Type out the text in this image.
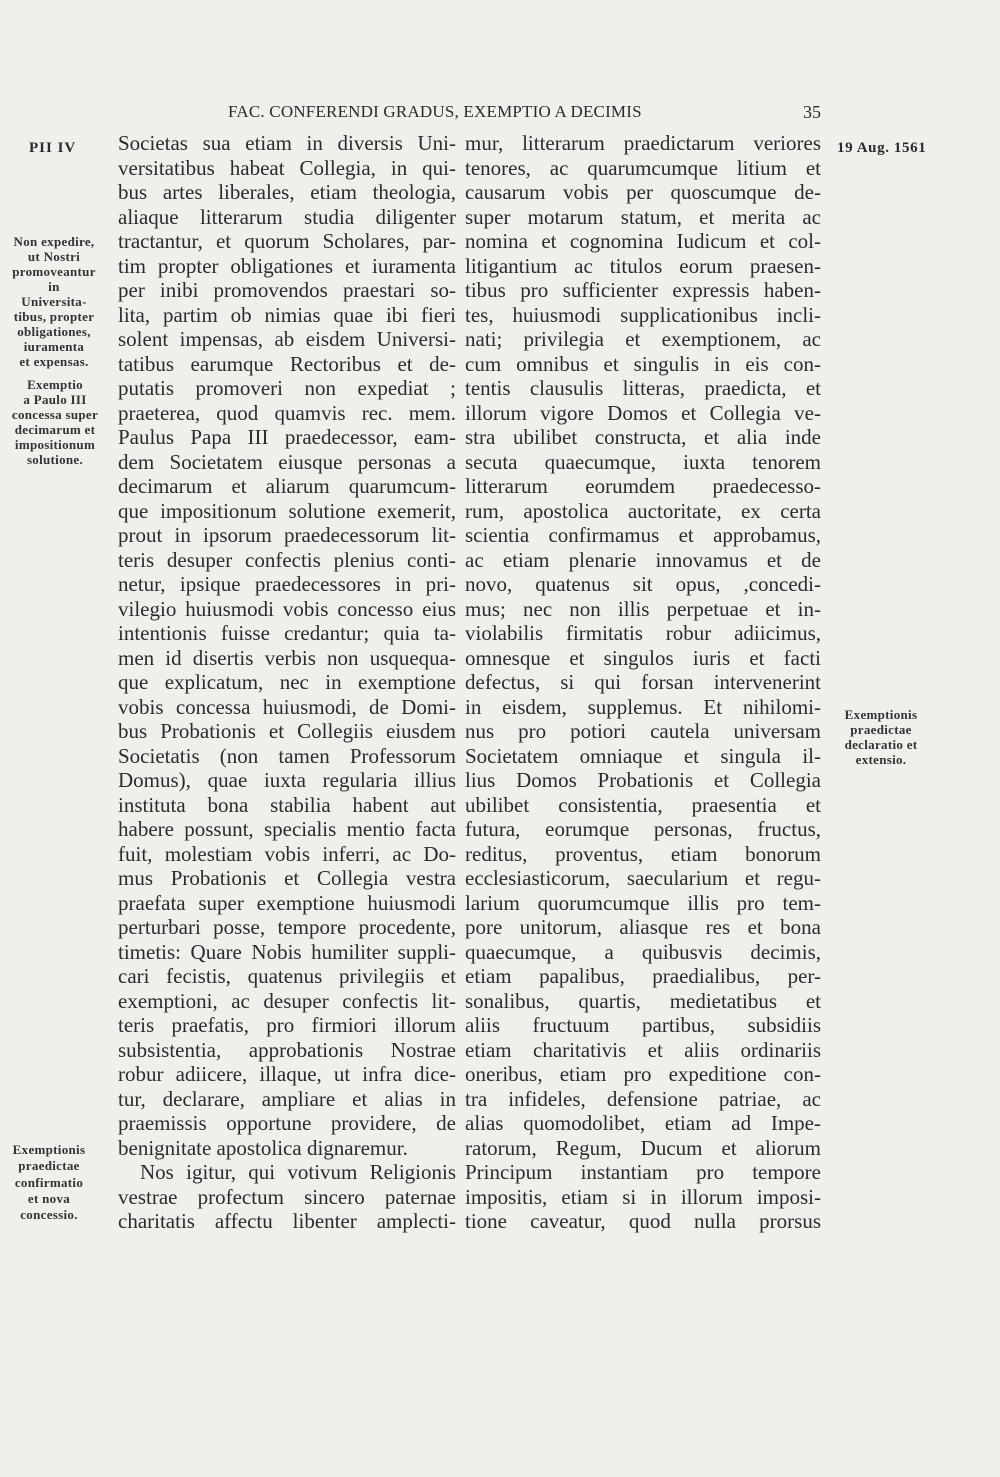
FAC. CONFERENDI GRADUS, EXEMPTIO A DECIMIS	35
PII IV	19 Aug. 1561
Non expedire,
ut Nostri
promoveantur
in
Universita-
tibus, propter
obligationes,
iuramenta
et expensas.
Exemptio
a Paulo III
concessa super
decimarum et
impositionum
solutione.
Exemptionis
praedictae
confirmatio
et nova
concessio.
Exemptionis
praedictae
declaratio et
extensio.
Societas sua etiam in diversis Uni-
versitatibus habeat Collegia, in qui-
bus artes liberales, etiam theologia,
aliaque litterarum studia diligenter
tractantur, et quorum Scholares, par-
tim propter obligationes et iuramenta
per inibi promovendos praestari so-
lita, partim ob nimias quae ibi fieri
solent impensas, ab eisdem Universi-
tatibus earumque Rectoribus et de-
putatis promoveri non expediat ;
praeterea, quod quamvis rec. mem.
Paulus Papa III praedecessor, eam-
dem Societatem eiusque personas a
decimarum et aliarum quarumcum-
que impositionum solutione exemerit,
prout in ipsorum praedecessorum lit-
teris desuper confectis plenius conti-
netur, ipsique praedecessores in pri-
vilegio huiusmodi vobis concesso eius
intentionis fuisse credantur; quia ta-
men id disertis verbis non usquequa-
que explicatum, nec in exemptione
vobis concessa huiusmodi, de Domi-
bus Probationis et Collegiis eiusdem
Societatis (non tamen Professorum
Domus), quae iuxta regularia illius
instituta bona stabilia habent aut
habere possunt, specialis mentio facta
fuit, molestiam vobis inferri, ac Do-
mus Probationis et Collegia vestra
praefata super exemptione huiusmodi
perturbari posse, tempore procedente,
timetis: Quare Nobis humiliter suppli-
cari fecistis, quatenus privilegiis et
exemptioni, ac desuper confectis lit-
teris praefatis, pro firmiori illorum
subsistentia, approbationis Nostrae
robur adiicere, illaque, ut infra dice-
tur, declarare, ampliare et alias in
praemissis opportune providere, de
benignitate apostolica dignaremur.
Nos igitur, qui votivum Religionis
vestrae profectum sincero paternae
charitatis affectu libenter amplecti-
mur, litterarum praedictarum veriores
tenores, ac quarumcumque litium et
causarum vobis per quoscumque de-
super motarum statum, et merita ac
nomina et cognomina Iudicum et col-
litigantium ac titulos eorum praesen-
tibus pro sufficienter expressis haben-
tes, huiusmodi supplicationibus incli-
nati; privilegia et exemptionem, ac
cum omnibus et singulis in eis con-
tentis clausulis litteras, praedicta, et
illorum vigore Domos et Collegia ve-
stra ubilibet constructa, et alia inde
secuta quaecumque, iuxta tenorem
litterarum eorumdem praedecesso-
rum, apostolica auctoritate, ex certa
scientia confirmamus et approbamus,
ac etiam plenarie innovamus et de
novo, quatenus sit opus, ,concedi-
mus; nec non illis perpetuae et in-
violabilis firmitatis robur adiicimus,
omnesque et singulos iuris et facti
defectus, si qui forsan intervenerint
in eisdem, supplemus. Et nihilomi-
nus pro potiori cautela universam
Societatem omniaque et singula il-
lius Domos Probationis et Collegia
ubilibet consistentia, praesentia et
futura, eorumque personas, fructus,
reditus, proventus, etiam bonorum
ecclesiasticorum, saecularium et regu-
larium quorumcumque illis pro tem-
pore unitorum, aliasque res et bona
quaecumque, a quibusvis decimis,
etiam papalibus, praedialibus, per-
sonalibus, quartis, medietatibus et
aliis fructuum partibus, subsidiis
etiam charitativis et aliis ordinariis
oneribus, etiam pro expeditione con-
tra infideles, defensione patriae, ac
alias quomodolibet, etiam ad Impe-
ratorum, Regum, Ducum et aliorum
Principum instantiam pro tempore
impositis, etiam si in illorum imposi-
tione caveatur, quod nulla prorsus
